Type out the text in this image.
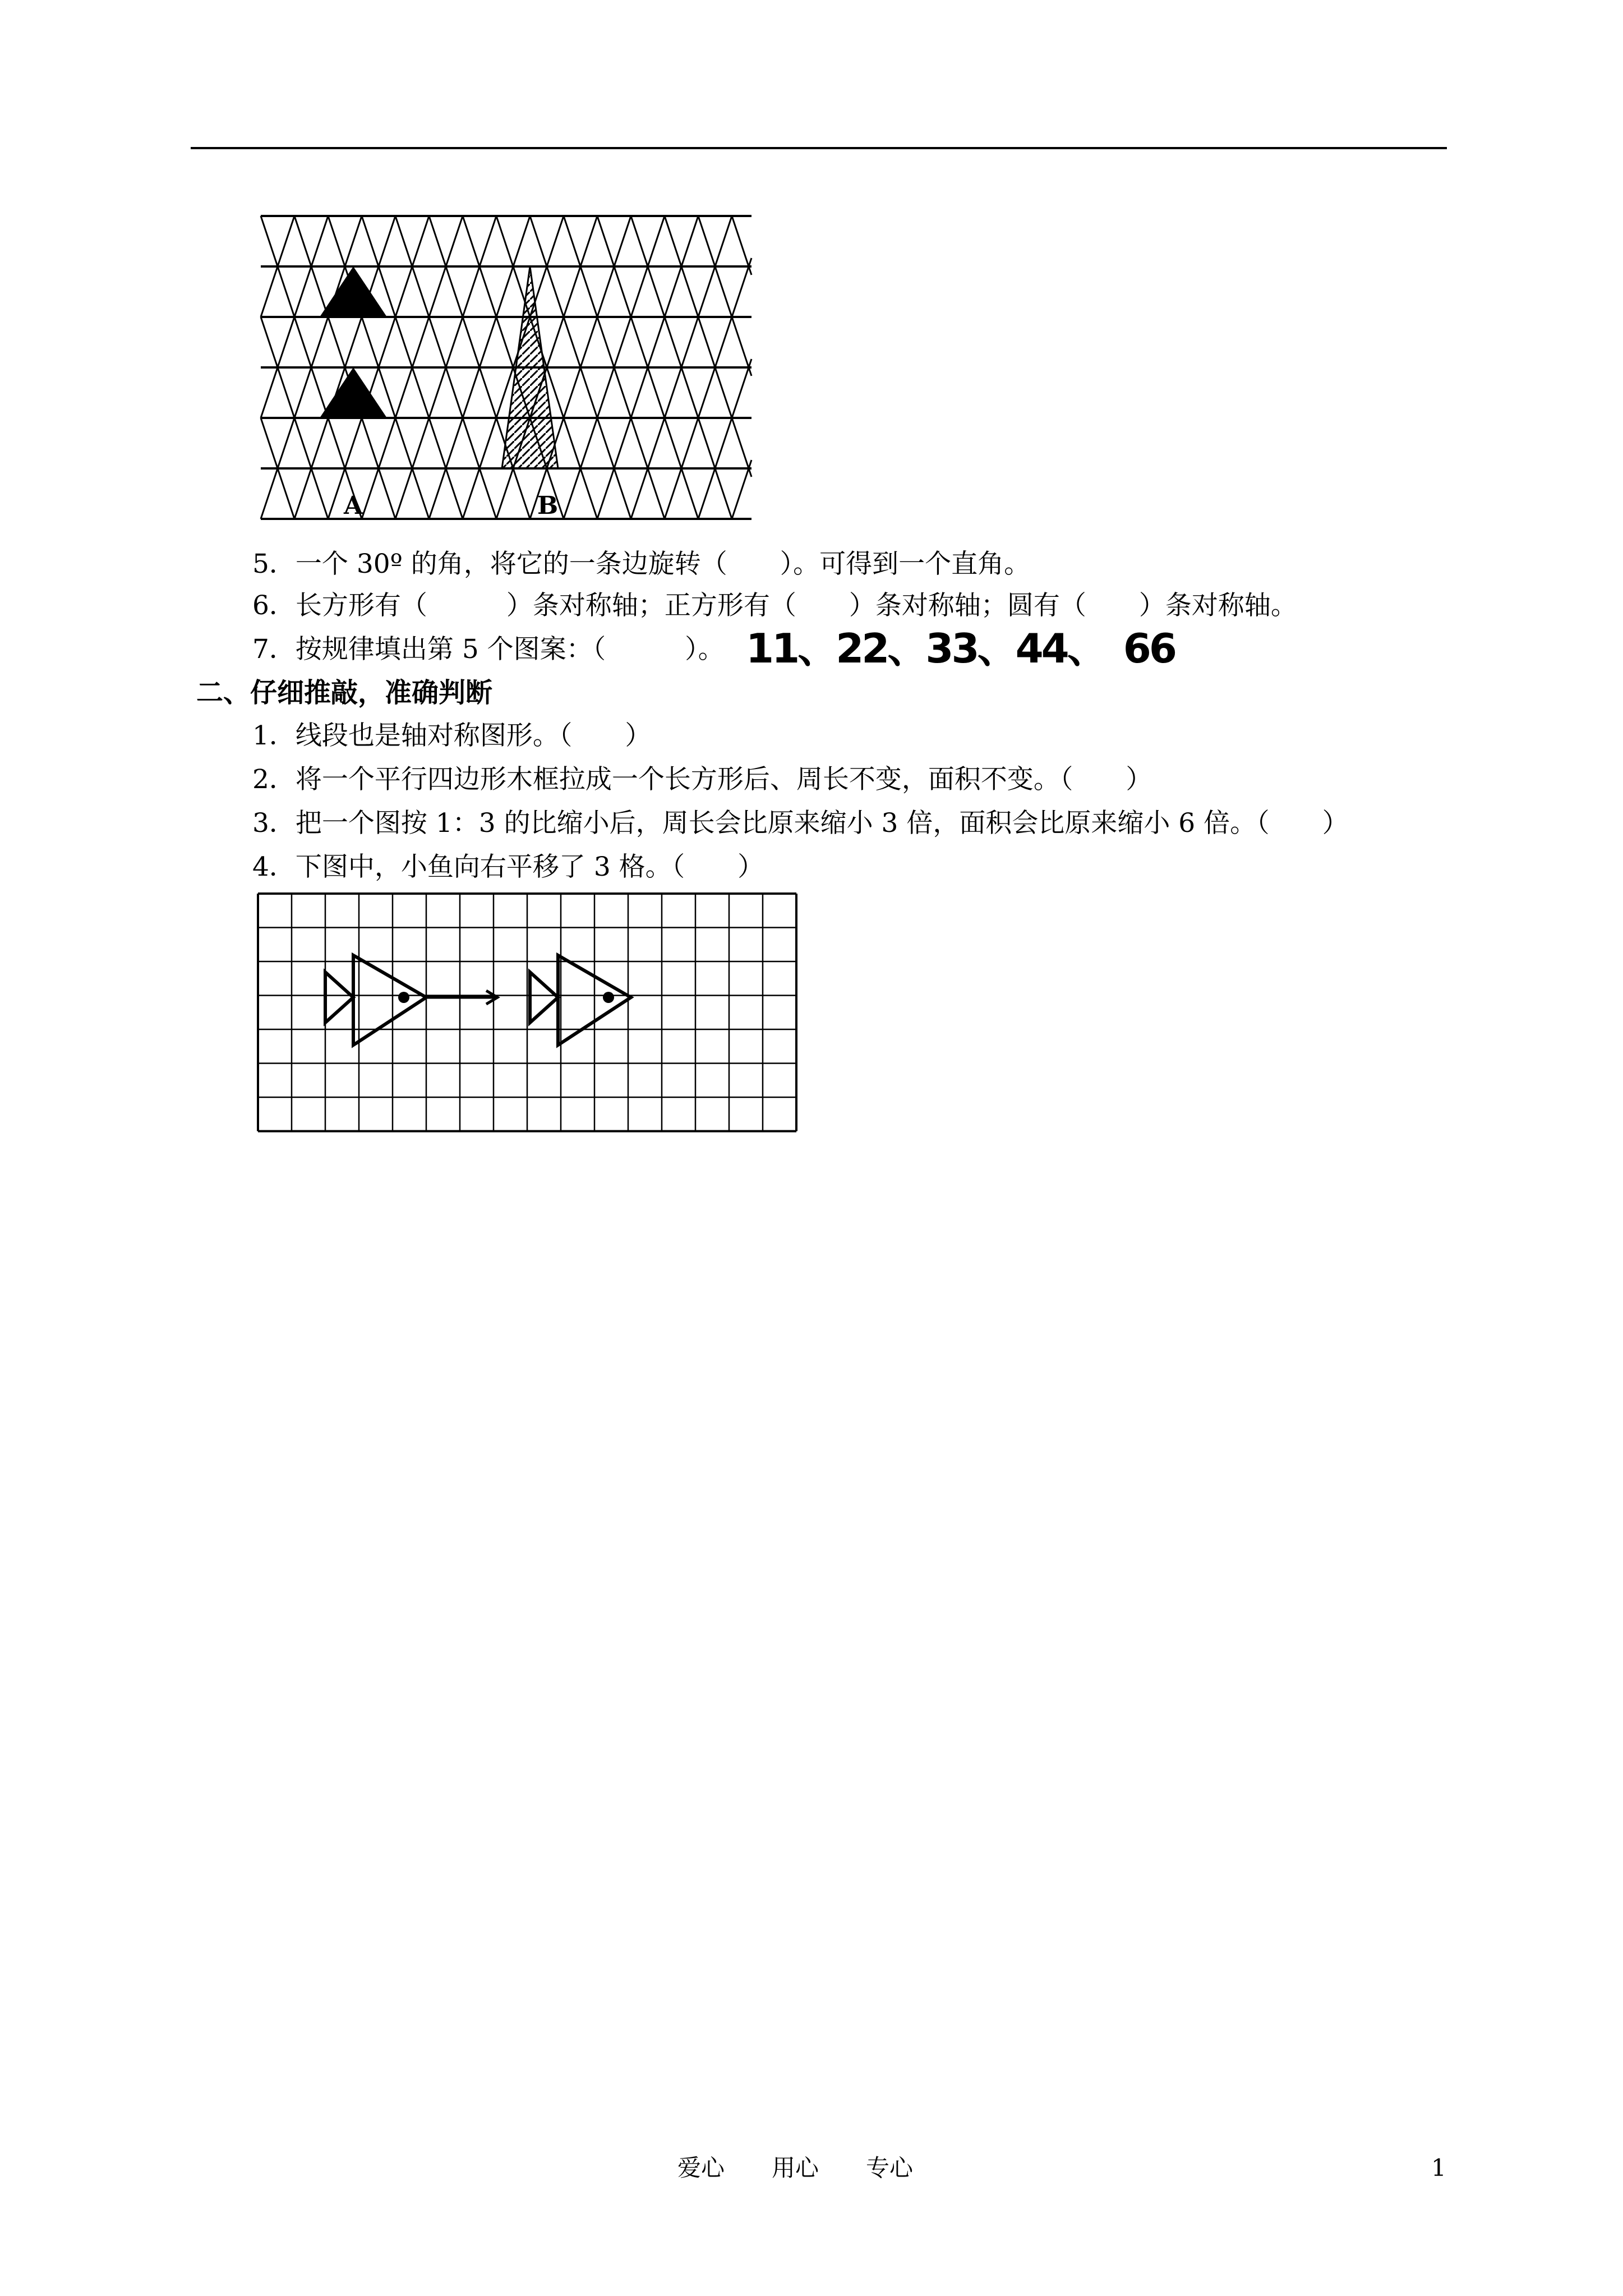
A	B
5．一个 30º 的角，将它的一条边旋转（　　）。可得到一个直角。
6．长方形有（　　　）条对称轴；正方形有（　　）条对称轴；圆有（　　）条对称轴。
7．按规律填出第 5 个图案：（　　　）。 11、22、33、44、　66
二、仔细推敲，准确判断
1．线段也是轴对称图形。（　　）
2．将一个平行四边形木框拉成一个长方形后、周长不变，面积不变。（　　）
3．把一个图按 1：3 的比缩小后，周长会比原来缩小 3 倍，面积会比原来缩小 6 倍。（　　）
4．下图中，小鱼向右平移了 3 格。（　　）
爱心　　用心　　专心	1
